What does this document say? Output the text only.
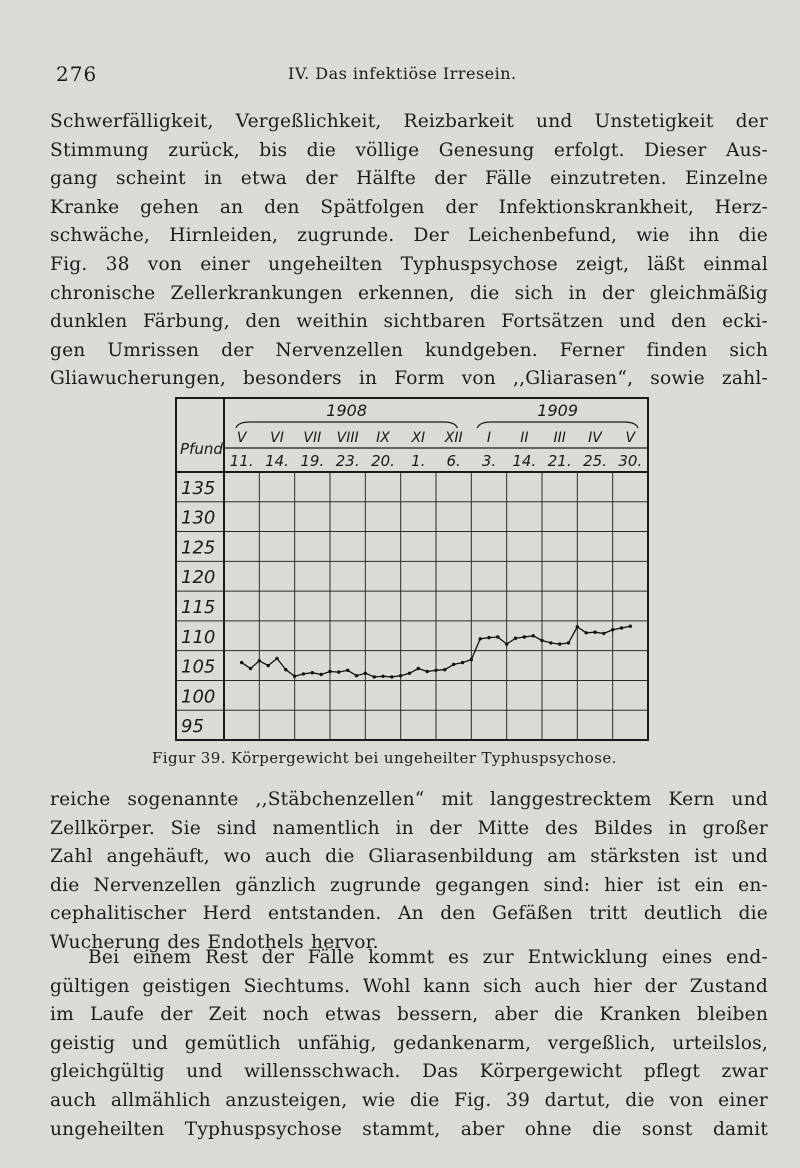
276	IV. Das infektiöse Irresein.
Schwerfälligkeit, Vergeßlichkeit, Reizbarkeit und Unstetigkeit der
Stimmung zurück, bis die völlige Genesung erfolgt. Dieser Aus-
gang scheint in etwa der Hälfte der Fälle einzutreten. Einzelne
Kranke gehen an den Spätfolgen der Infektionskrankheit, Herz-
schwäche, Hirnleiden, zugrunde. Der Leichenbefund, wie ihn die
Fig. 38 von einer ungeheilten Typhuspsychose zeigt, läßt einmal
chronische Zellerkrankungen erkennen, die sich in der gleichmäßig
dunklen Färbung, den weithin sichtbaren Fortsätzen und den ecki-
gen Umrissen der Nervenzellen kundgeben. Ferner finden sich
Gliawucherungen, besonders in Form von ,,Gliarasen“, sowie zahl-
Pfund
135
130
125
120
115
110
105
100
95
1908	1909
V VI VII VIII IX XI XII I II III IV V
11. 14. 19. 23. 20. 1. 6. 3. 14. 21. 25. 30.
Figur 39. Körpergewicht bei ungeheilter Typhuspsychose.
reiche sogenannte ,,Stäbchenzellen“ mit langgestrecktem Kern und
Zellkörper. Sie sind namentlich in der Mitte des Bildes in großer
Zahl angehäuft, wo auch die Gliarasenbildung am stärksten ist und
die Nervenzellen gänzlich zugrunde gegangen sind: hier ist ein en-
cephalitischer Herd entstanden. An den Gefäßen tritt deutlich die
Wucherung des Endothels hervor.
Bei einem Rest der Fälle kommt es zur Entwicklung eines end-
gültigen geistigen Siechtums. Wohl kann sich auch hier der Zustand
im Laufe der Zeit noch etwas bessern, aber die Kranken bleiben
geistig und gemütlich unfähig, gedankenarm, vergeßlich, urteilslos,
gleichgültig und willensschwach. Das Körpergewicht pflegt zwar
auch allmählich anzusteigen, wie die Fig. 39 dartut, die von einer
ungeheilten Typhuspsychose stammt, aber ohne die sonst damit
